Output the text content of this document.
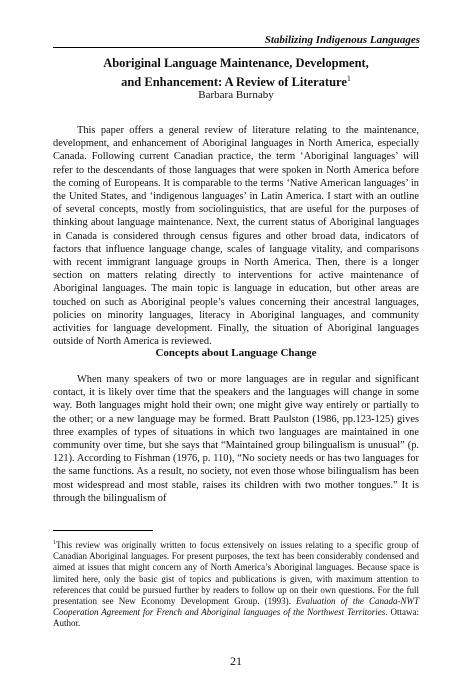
Stabilizing Indigenous Languages
Aboriginal Language Maintenance, Development,
and Enhancement: A Review of Literature$^1$
Barbara Burnaby

This paper offers a general review of literature relating to the maintenance, development, and enhancement of Aboriginal languages in North America, especially Canada. Following current Canadian practice, the term ‘Aboriginal languages’ will refer to the descendants of those languages that were spoken in North America before the coming of Europeans. It is comparable to the terms ‘Native American languages’ in the United States, and ‘indigenous languages’ in Latin America. I start with an outline of several concepts, mostly from sociolinguistics, that are useful for the purposes of thinking about language maintenance. Next, the current status of Aboriginal languages in Canada is considered through census figures and other broad data, indicators of factors that influence language change, scales of language vitality, and comparisons with recent immigrant language groups in North America. Then, there is a longer section on matters relating directly to interventions for active maintenance of Aboriginal languages. The main topic is language in education, but other areas are touched on such as Aboriginal people’s values concerning their ancestral languages, policies on minority languages, literacy in Aboriginal languages, and community activities for language development. Finally, the situation of Aboriginal languages outside of North America is reviewed.

Concepts about Language Change

When many speakers of two or more languages are in regular and significant contact, it is likely over time that the speakers and the languages will change in some way. Both languages might hold their own; one might give way entirely or partially to the other; or a new language may be formed. Bratt Paulston (1986, pp.123-125) gives three examples of types of situations in which two languages are maintained in one community over time, but she says that “Maintained group bilingualism is unusual” (p. 121). According to Fishman (1976, p. 110), “No society needs or has two languages for the same functions. As a result, no society, not even those whose bilingualism has been most widespread and most stable, raises its children with two mother tongues.” It is through the bilingualism of

$^1$This review was originally written to focus extensively on issues relating to a specific group of Canadian Aboriginal languages. For present purposes, the text has been considerably condensed and aimed at issues that might concern any of North America’s Aboriginal languages. Because space is limited here, only the basic gist of topics and publications is given, with maximum attention to references that could be pursued further by readers to follow up on their own questions. For the full presentation see New Economy Development Group. (1993). Evaluation of the Canada-NWT Cooperation Agreement for French and Aboriginal languages of the Northwest Territories. Ottawa: Author.

21
